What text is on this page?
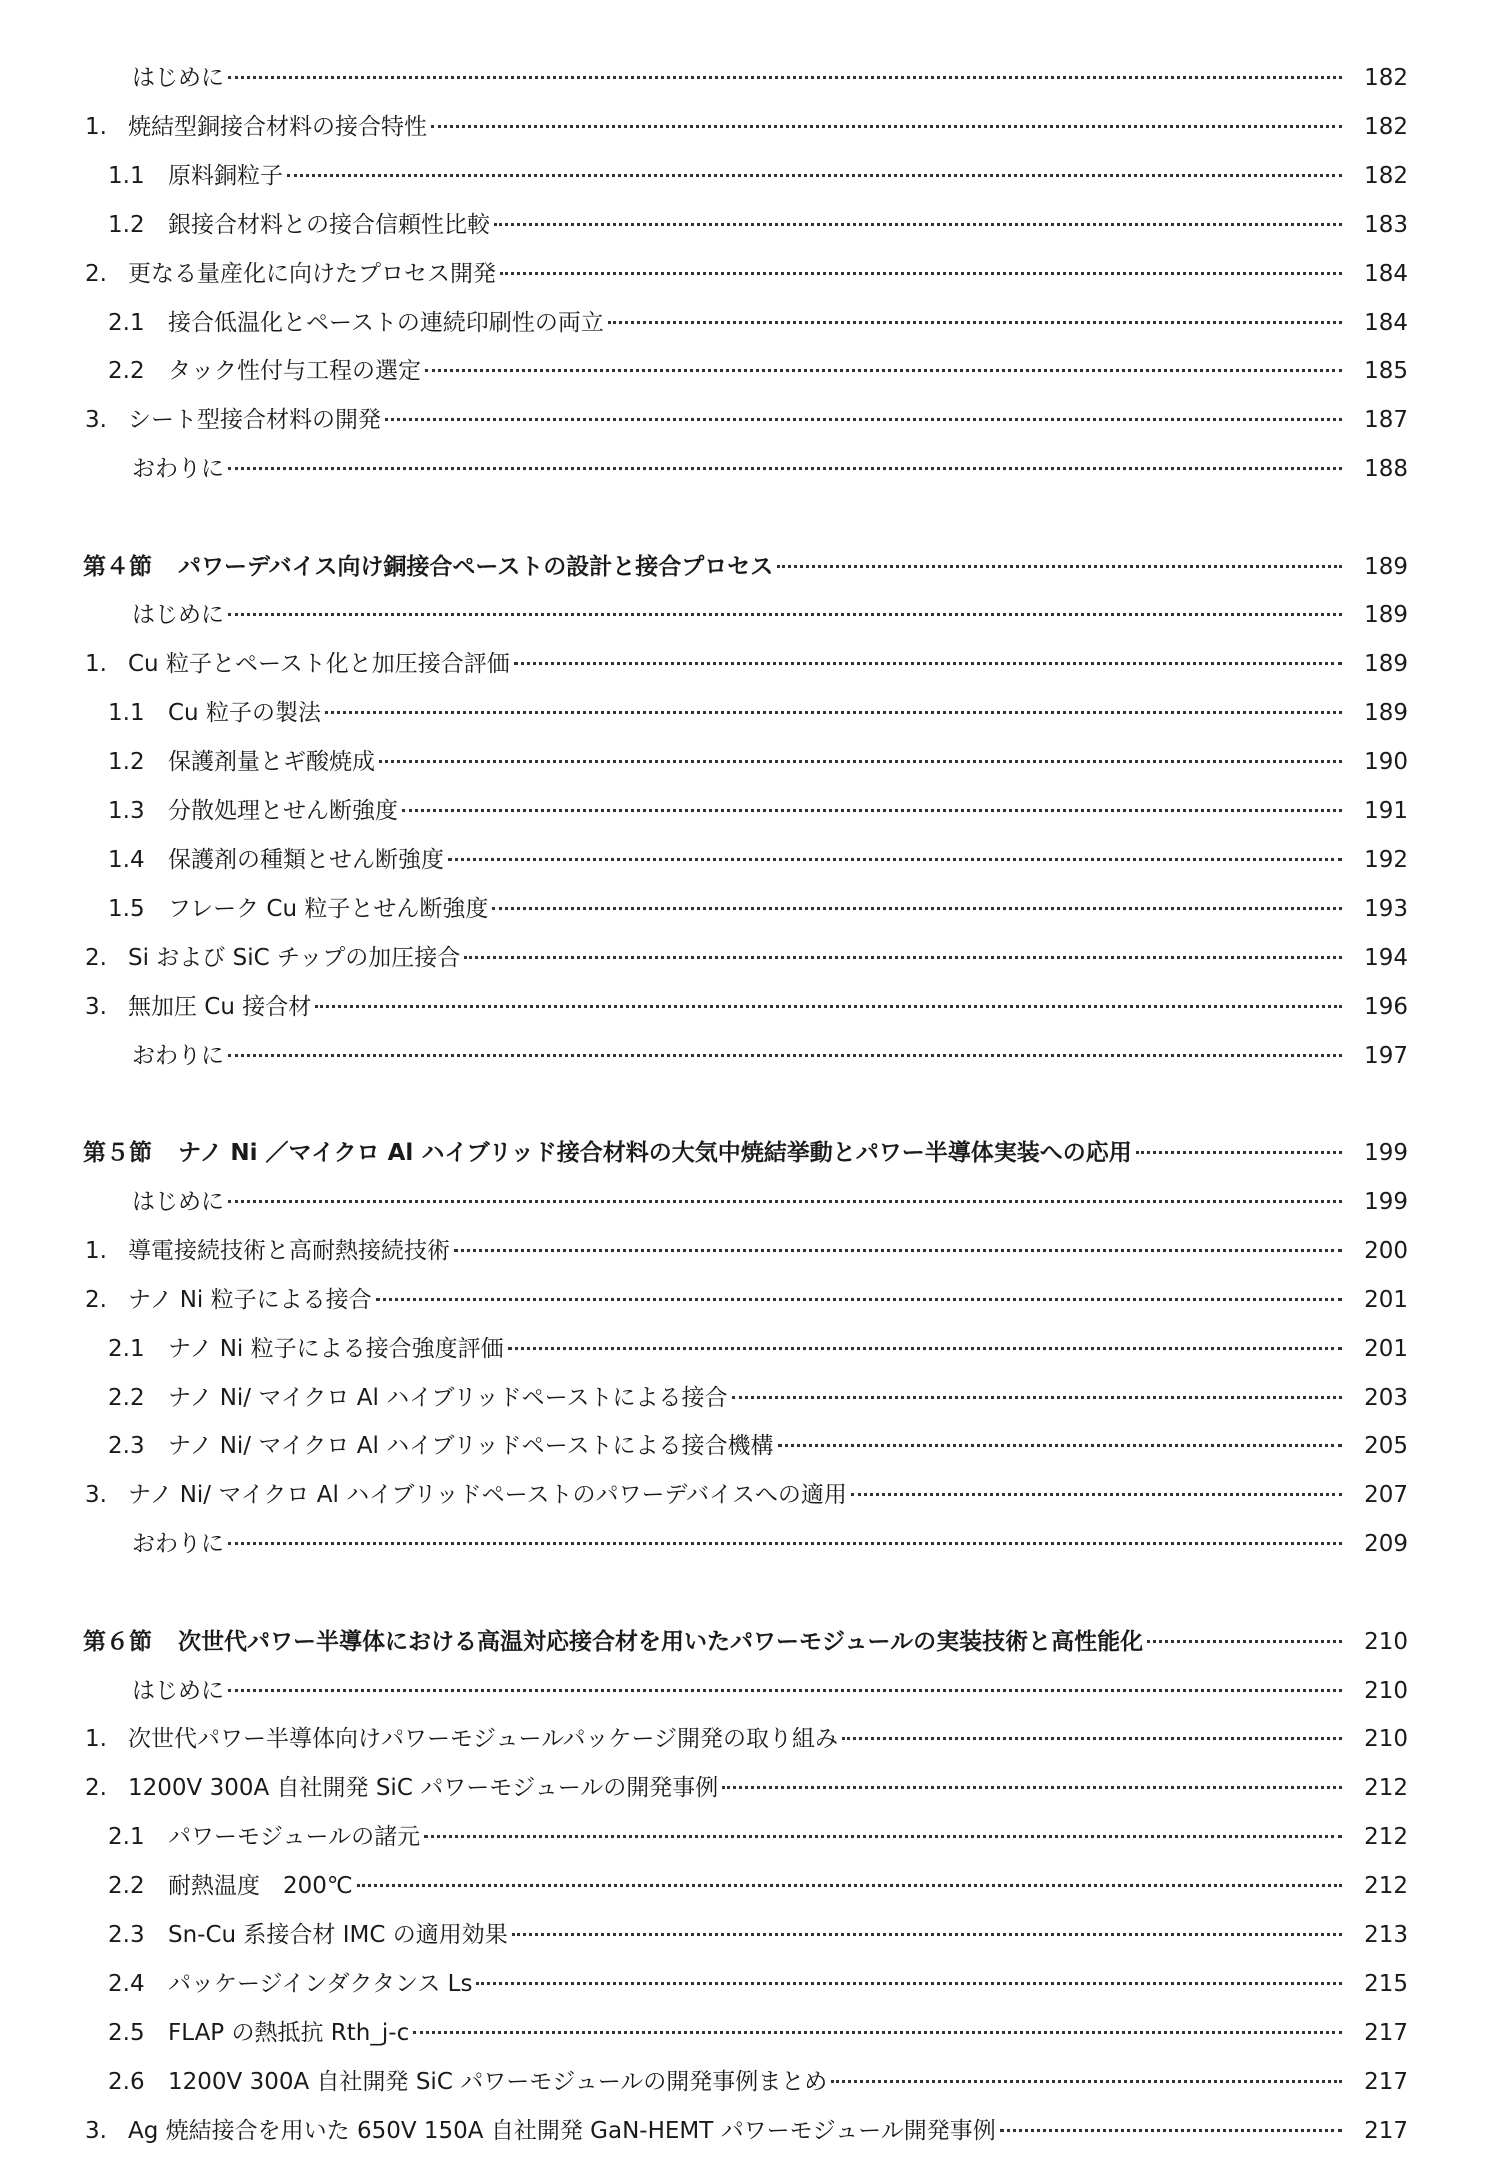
はじめに	182
1. 焼結型銅接合材料の接合特性	182
1.1 原料銅粒子	182
1.2 銀接合材料との接合信頼性比較	183
2. 更なる量産化に向けたプロセス開発	184
2.1 接合低温化とペーストの連続印刷性の両立	184
2.2 タック性付与工程の選定	185
3. シート型接合材料の開発	187
おわりに	188
第４節 パワーデバイス向け銅接合ペーストの設計と接合プロセス	189
はじめに	189
1. Cu 粒子とペースト化と加圧接合評価	189
1.1 Cu 粒子の製法	189
1.2 保護剤量とギ酸焼成	190
1.3 分散処理とせん断強度	191
1.4 保護剤の種類とせん断強度	192
1.5 フレーク Cu 粒子とせん断強度	193
2. Si および SiC チップの加圧接合	194
3. 無加圧 Cu 接合材	196
おわりに	197
第５節 ナノ Ni ／マイクロ Al ハイブリッド接合材料の大気中焼結挙動とパワー半導体実装への応用	199
はじめに	199
1. 導電接続技術と高耐熱接続技術	200
2. ナノ Ni 粒子による接合	201
2.1 ナノ Ni 粒子による接合強度評価	201
2.2 ナノ Ni/ マイクロ Al ハイブリッドペーストによる接合	203
2.3 ナノ Ni/ マイクロ Al ハイブリッドペーストによる接合機構	205
3. ナノ Ni/ マイクロ Al ハイブリッドペーストのパワーデバイスへの適用	207
おわりに	209
第６節 次世代パワー半導体における高温対応接合材を用いたパワーモジュールの実装技術と高性能化	210
はじめに	210
1. 次世代パワー半導体向けパワーモジュールパッケージ開発の取り組み	210
2. 1200V 300A 自社開発 SiC パワーモジュールの開発事例	212
2.1 パワーモジュールの諸元	212
2.2 耐熱温度　200℃	212
2.3 Sn-Cu 系接合材 IMC の適用効果	213
2.4 パッケージインダクタンス Ls	215
2.5 FLAP の熱抵抗 Rth_j-c	217
2.6 1200V 300A 自社開発 SiC パワーモジュールの開発事例まとめ	217
3. Ag 焼結接合を用いた 650V 150A 自社開発 GaN-HEMT パワーモジュール開発事例	217
